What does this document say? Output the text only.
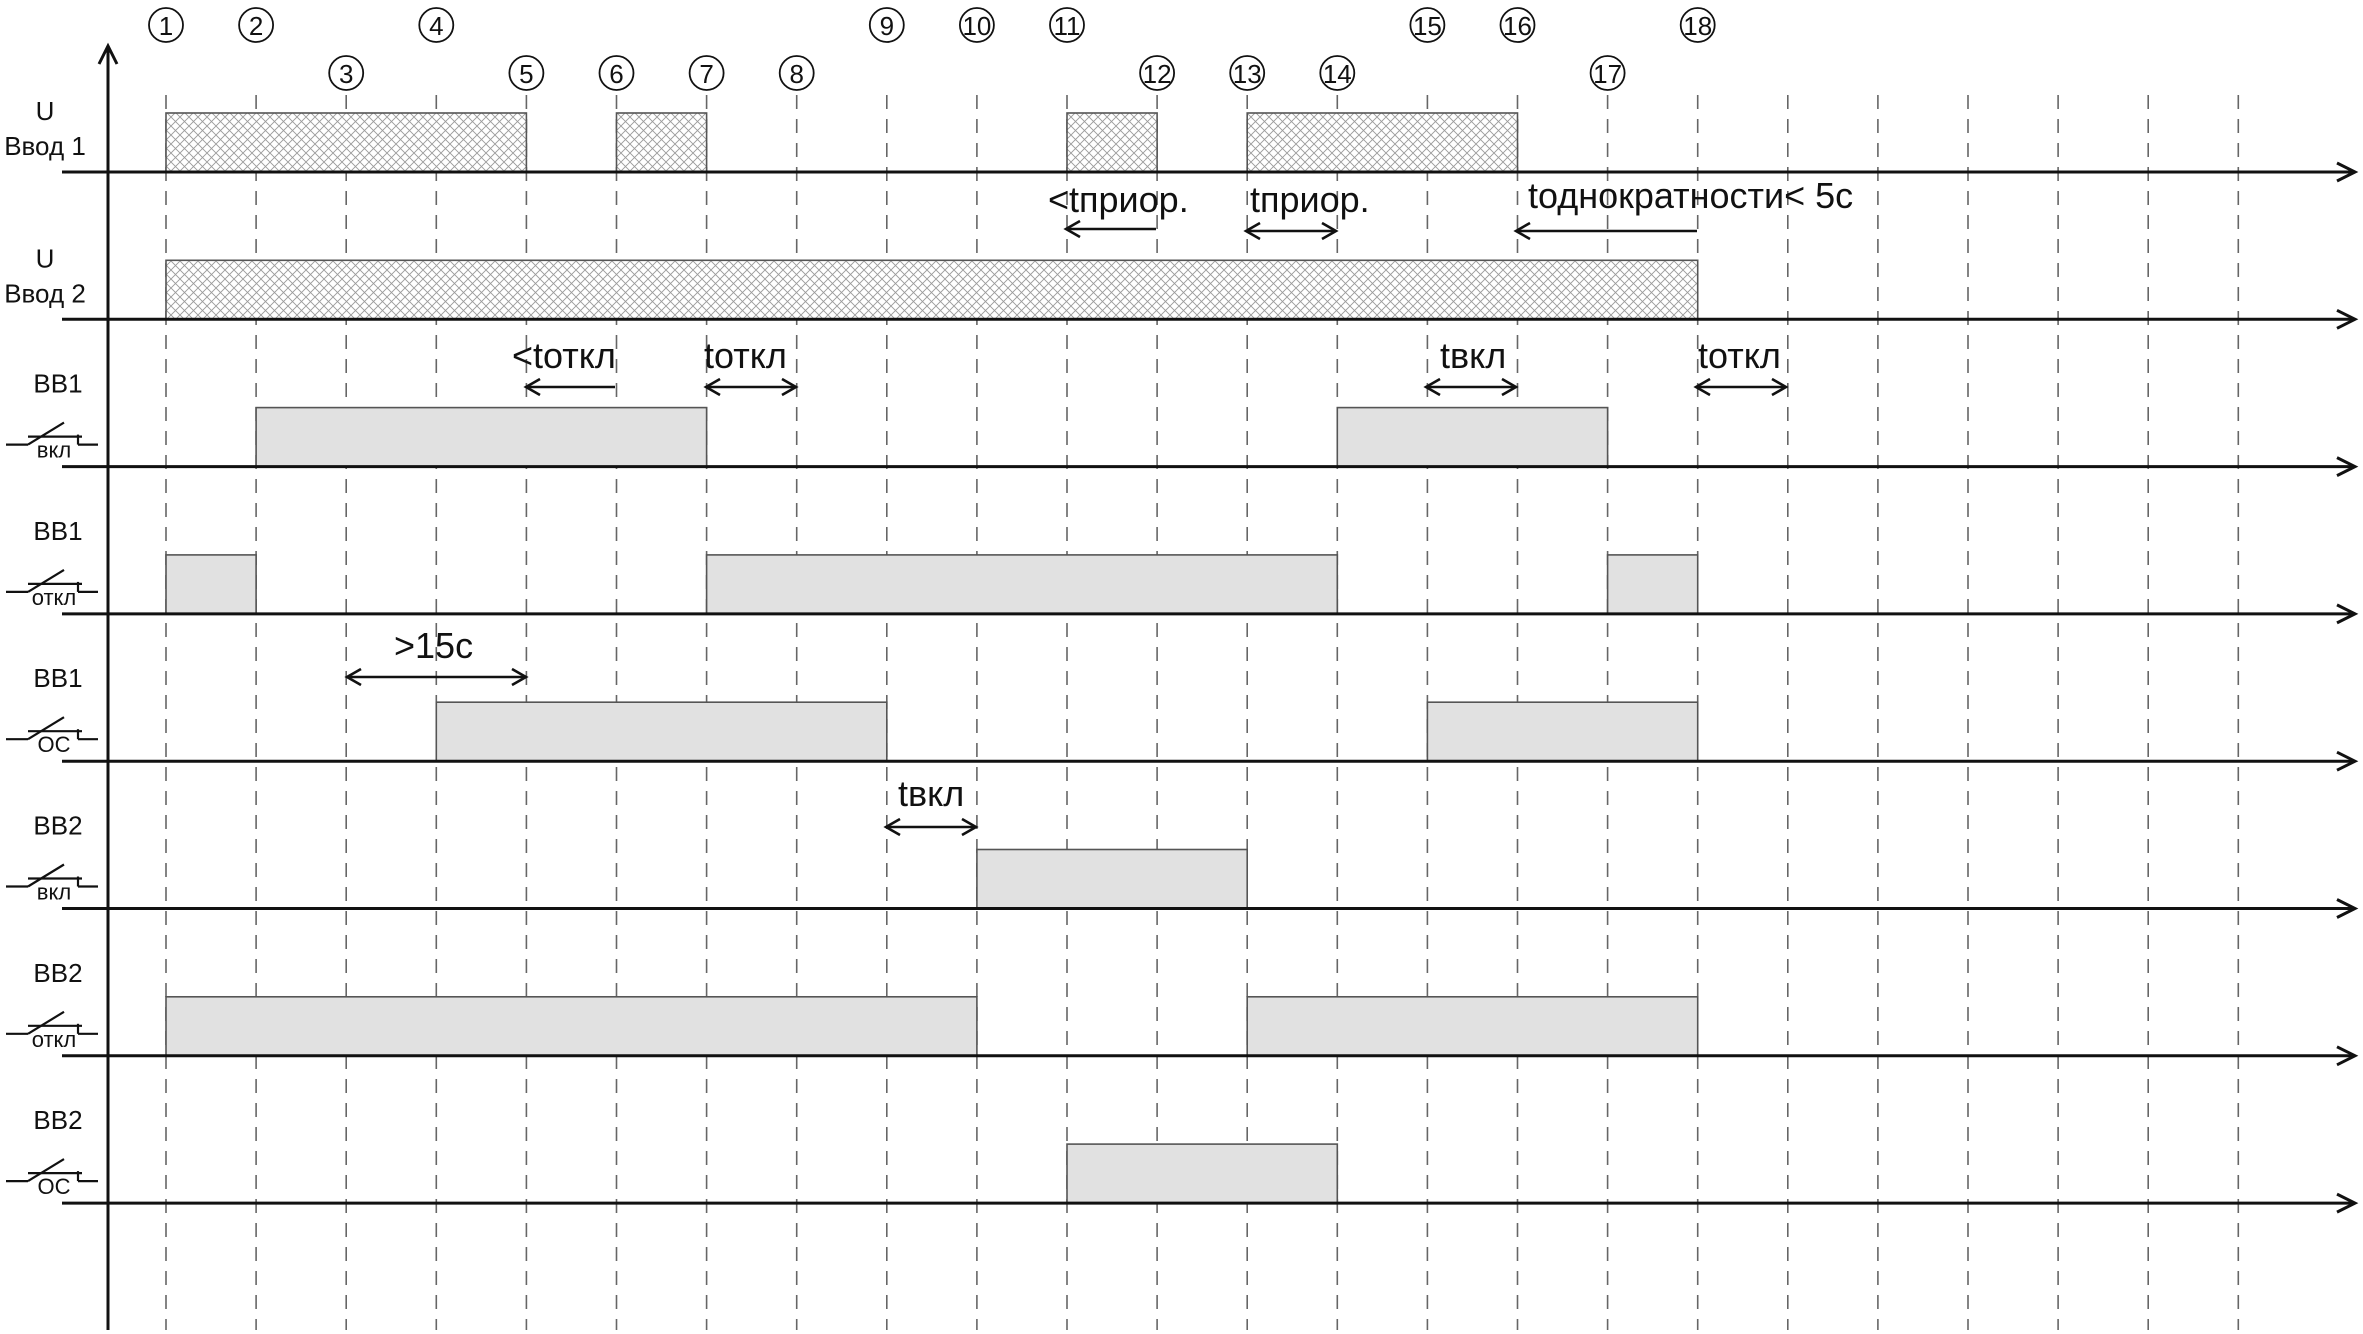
1	2	4	9	10 11	15 16	18
3	5	6	7	8	12 13 14	17
U
Ввод 1
U
Ввод 2
ВВ1
вкл
ВВ1
откл
ВВ1
ОС
ВВ2
вкл
ВВ2
откл
ВВ2
ОС
<tприор. tприор.	tоднократности< 5c
<tоткл tоткл	tвкл	tоткл
>15c
tвкл
